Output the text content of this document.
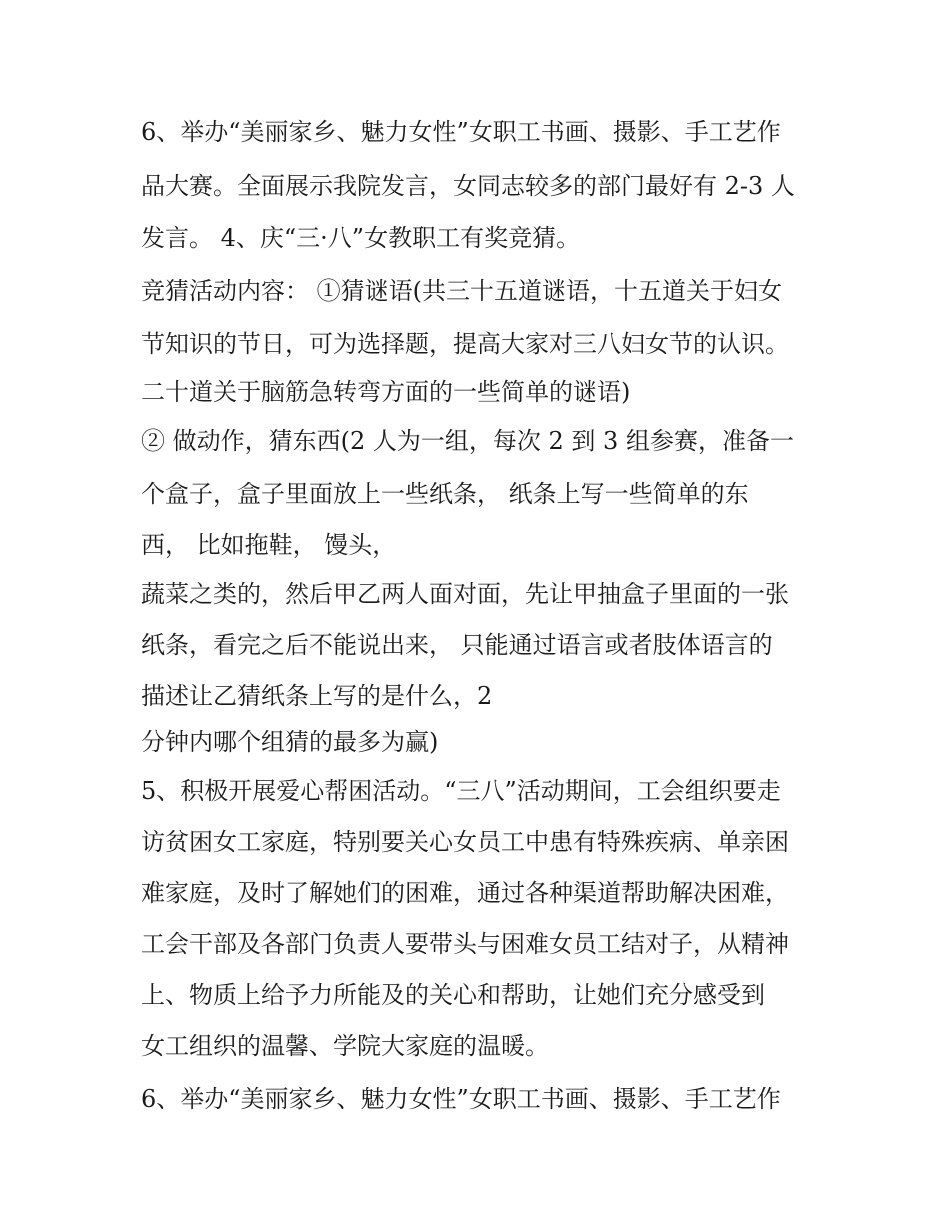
6、举办“美丽家乡、魅力女性”女职工书画、摄影、手工艺作
品大赛。全面展示我院发言，女同志较多的部门最好有 2-3 人
发言。 4、庆“三·八”女教职工有奖竞猜。
竞猜活动内容： ①猜谜语(共三十五道谜语，十五道关于妇女
节知识的节日，可为选择题，提高大家对三八妇女节的认识。
二十道关于脑筋急转弯方面的一些简单的谜语)
② 做动作，猜东西(2 人为一组，每次 2 到 3 组参赛，准备一
个盒子，盒子里面放上一些纸条， 纸条上写一些简单的东
西， 比如拖鞋， 馒头，
蔬菜之类的，然后甲乙两人面对面，先让甲抽盒子里面的一张
纸条，看完之后不能说出来， 只能通过语言或者肢体语言的
描述让乙猜纸条上写的是什么，2
分钟内哪个组猜的最多为赢)
5、积极开展爱心帮困活动。“三八”活动期间，工会组织要走
访贫困女工家庭，特别要关心女员工中患有特殊疾病、单亲困
难家庭，及时了解她们的困难，通过各种渠道帮助解决困难，
工会干部及各部门负责人要带头与困难女员工结对子，从精神
上、物质上给予力所能及的关心和帮助，让她们充分感受到
女工组织的温馨、学院大家庭的温暖。
6、举办“美丽家乡、魅力女性”女职工书画、摄影、手工艺作
